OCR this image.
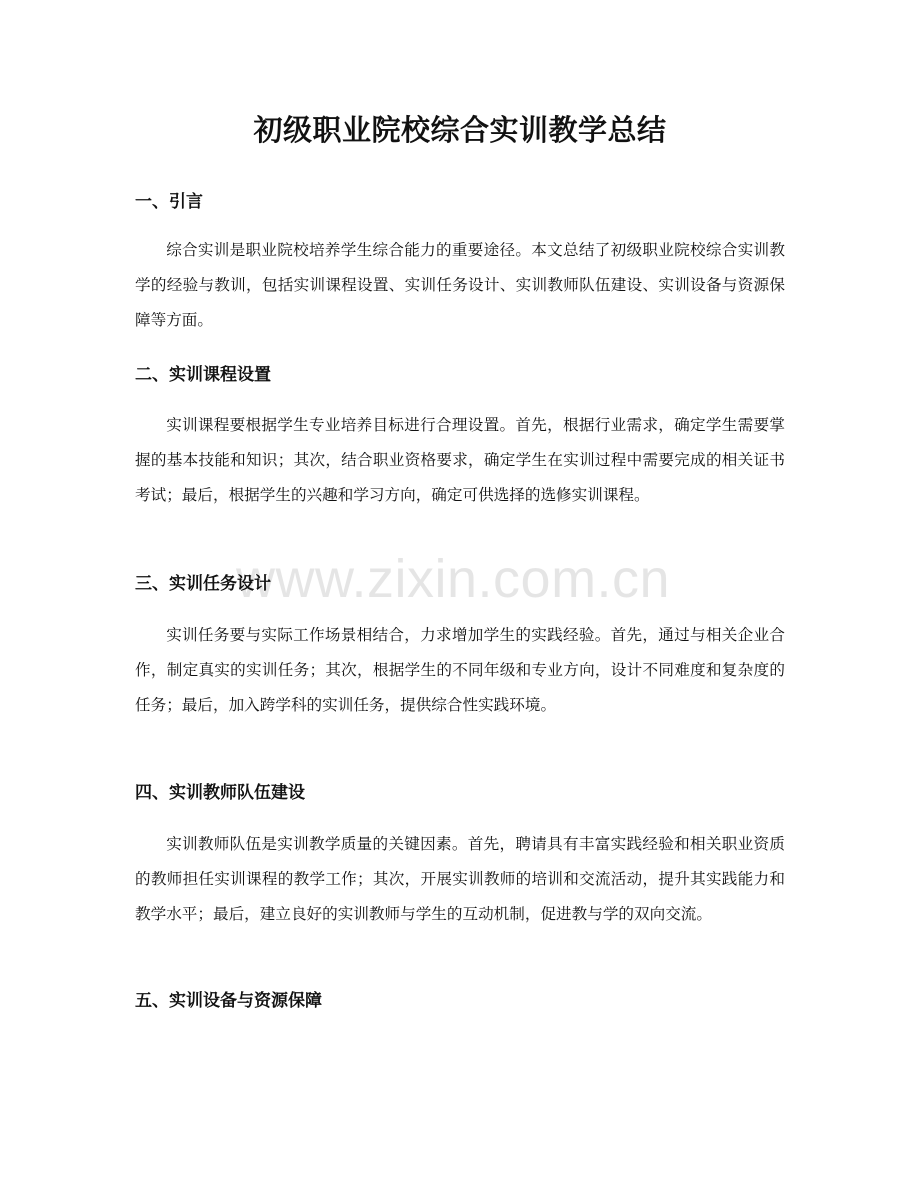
初级职业院校综合实训教学总结
一、引言

综合实训是职业院校培养学生综合能力的重要途径。本文总结了初级职业院校综合实训教学的经验与教训，包括实训课程设置、实训任务设计、实训教师队伍建设、实训设备与资源保障等方面。

二、实训课程设置

实训课程要根据学生专业培养目标进行合理设置。首先，根据行业需求，确定学生需要掌握的基本技能和知识；其次，结合职业资格要求，确定学生在实训过程中需要完成的相关证书考试；最后，根据学生的兴趣和学习方向，确定可供选择的选修实训课程。

三、实训任务设计

实训任务要与实际工作场景相结合，力求增加学生的实践经验。首先，通过与相关企业合作，制定真实的实训任务；其次，根据学生的不同年级和专业方向，设计不同难度和复杂度的任务；最后，加入跨学科的实训任务，提供综合性实践环境。

四、实训教师队伍建设

实训教师队伍是实训教学质量的关键因素。首先，聘请具有丰富实践经验和相关职业资质的教师担任实训课程的教学工作；其次，开展实训教师的培训和交流活动，提升其实践能力和教学水平；最后，建立良好的实训教师与学生的互动机制，促进教与学的双向交流。

五、实训设备与资源保障
www.zixin.com.cn
